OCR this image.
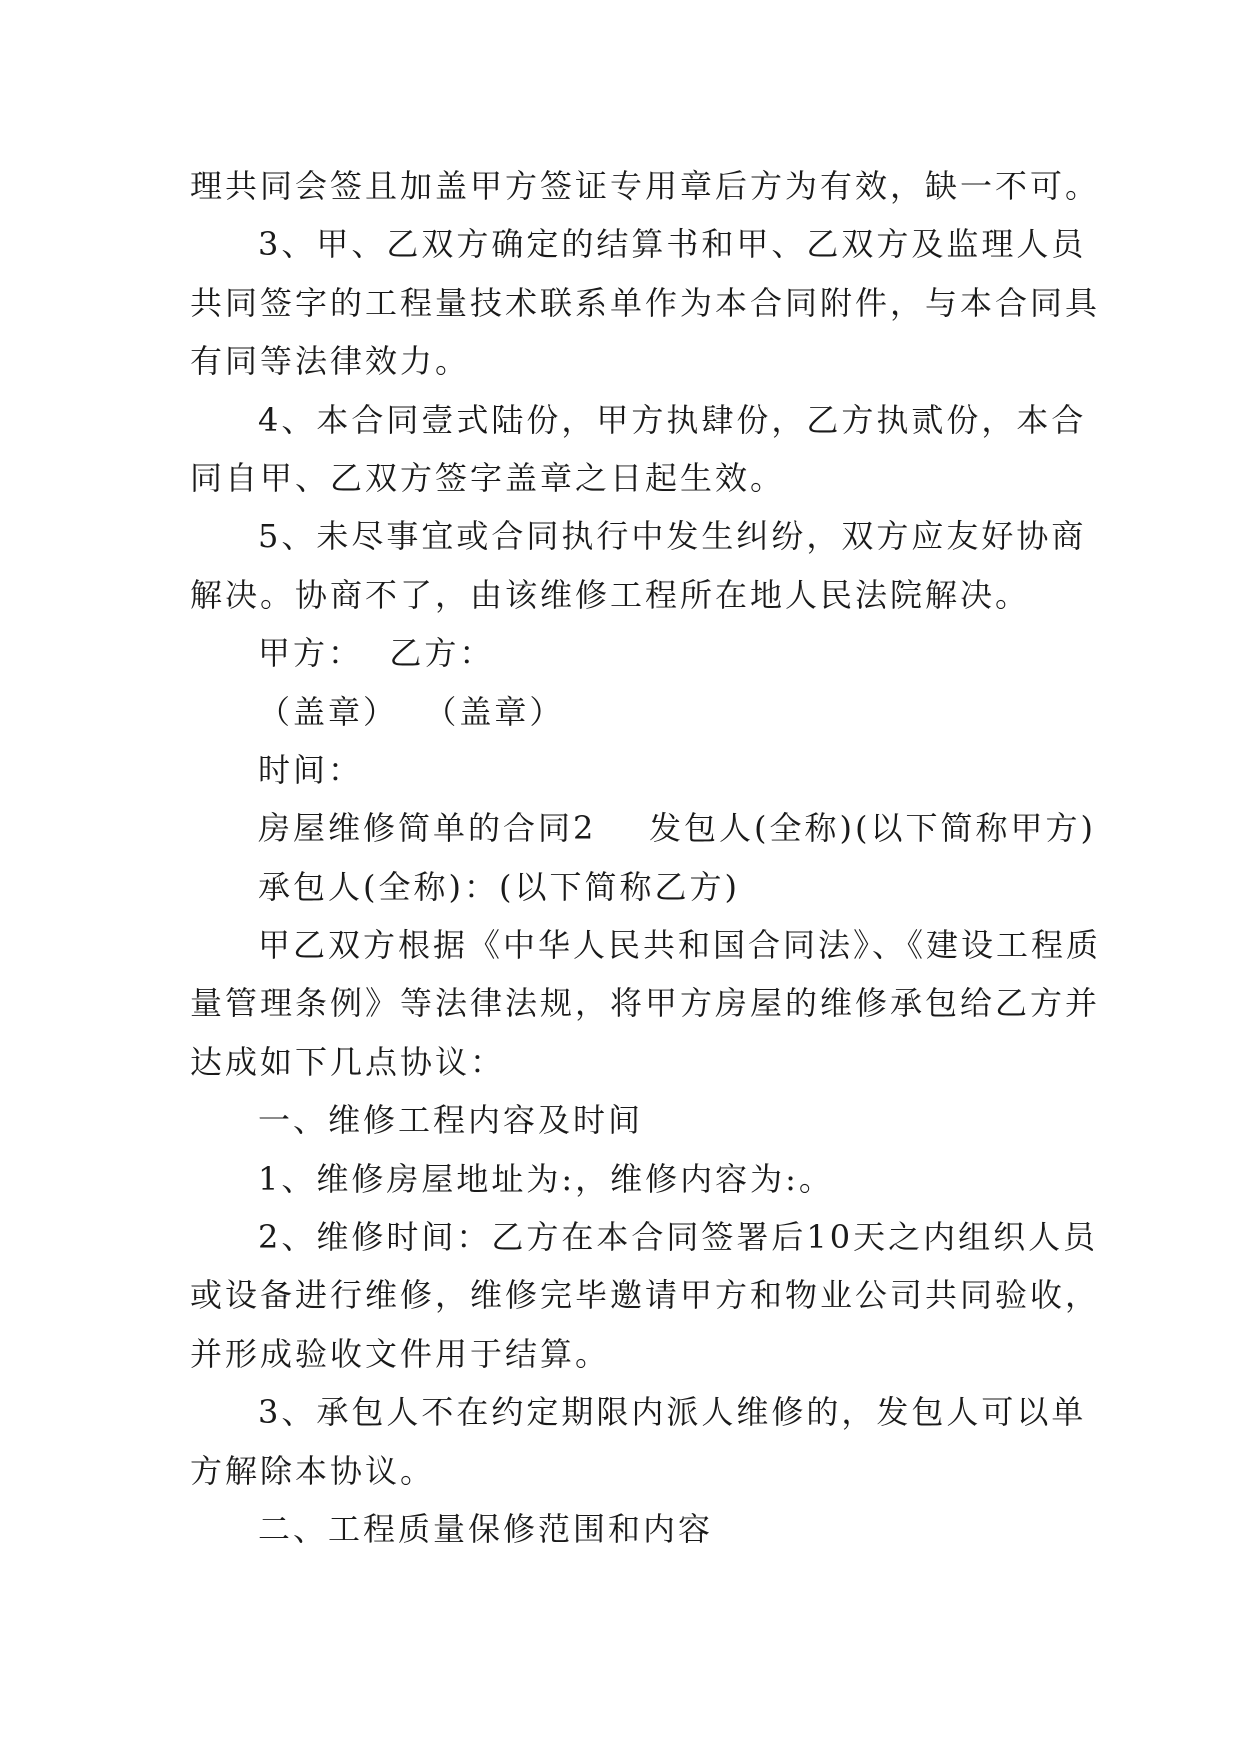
理共同会签且加盖甲方签证专用章后方为有效，缺一不可。
3、甲、乙双方确定的结算书和甲、乙双方及监理人员
共同签字的工程量技术联系单作为本合同附件，与本合同具
有同等法律效力。
4、本合同壹式陆份，甲方执肆份，乙方执贰份，本合
同自甲、乙双方签字盖章之日起生效。
5、未尽事宜或合同执行中发生纠纷，双方应友好协商
解决。协商不了，由该维修工程所在地人民法院解决。
甲方：  乙方：
（盖章）  （盖章）
时间：
房屋维修简单的合同2    发包人(全称)(以下简称甲方)
承包人(全称)：(以下简称乙方)
甲乙双方根据《中华人民共和国合同法》、《建设工程质
量管理条例》等法律法规，将甲方房屋的维修承包给乙方并
达成如下几点协议：
一、维修工程内容及时间
1、维修房屋地址为:，维修内容为:。
2、维修时间：乙方在本合同签署后10天之内组织人员
或设备进行维修，维修完毕邀请甲方和物业公司共同验收，
并形成验收文件用于结算。
3、承包人不在约定期限内派人维修的，发包人可以单
方解除本协议。
二、工程质量保修范围和内容
